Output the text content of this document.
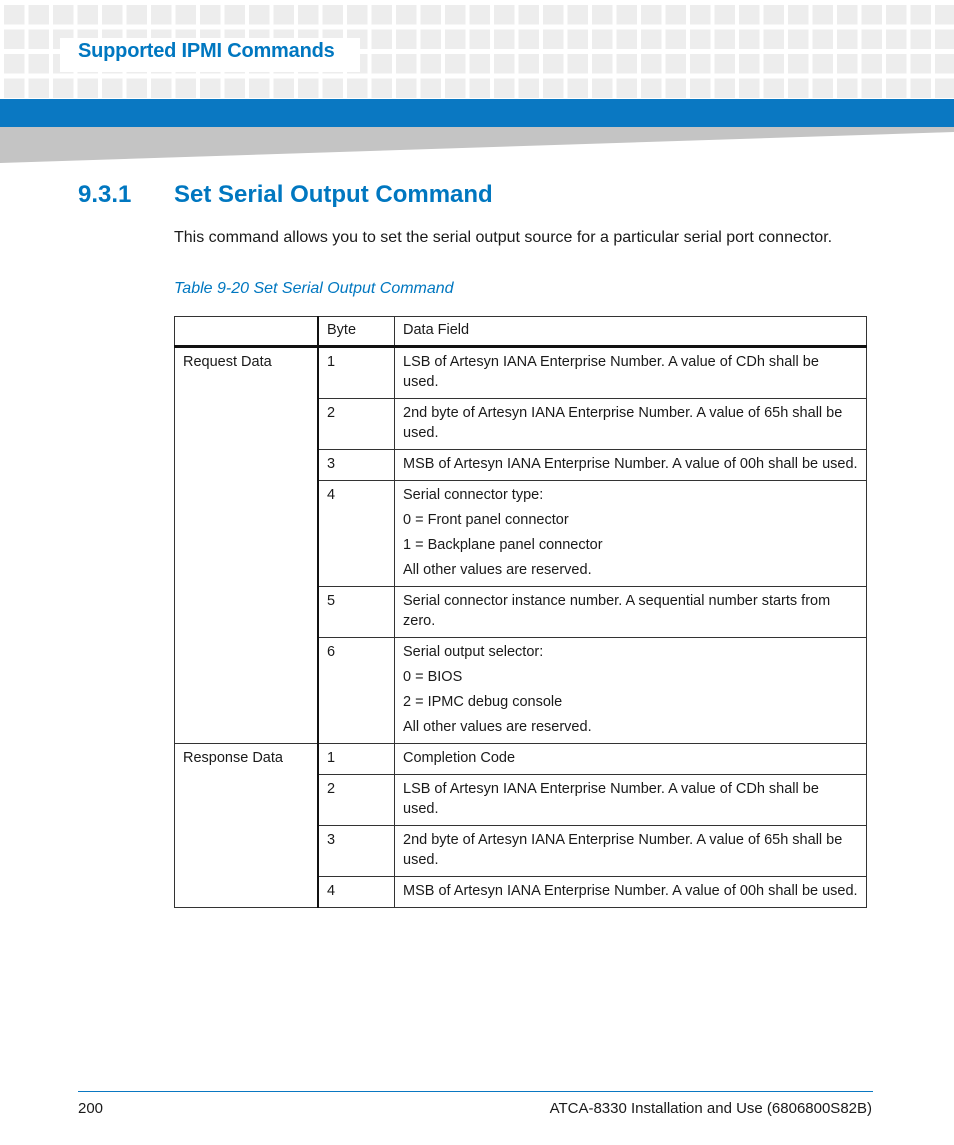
Supported IPMI Commands
9.3.1 Set Serial Output Command
This command allows you to set the serial output source for a particular serial port connector.
Table 9-20 Set Serial Output Command
	Byte	Data Field
Request Data	1	LSB of Artesyn IANA Enterprise Number. A value of CDh shall be used.

	2	2nd byte of Artesyn IANA Enterprise Number. A value of 65h shall be used.

	3	MSB of Artesyn IANA Enterprise Number. A value of 00h shall be used.

	4	Serial connector type:
0 = Front panel connector
1 = Backplane panel connector
All other values are reserved.

	5	Serial connector instance number. A sequential number starts from zero.

	6	Serial output selector:
0 = BIOS
2 = IPMC debug console
All other values are reserved.

Response Data	1	Completion Code

	2	LSB of Artesyn IANA Enterprise Number. A value of CDh shall be used.

	3	2nd byte of Artesyn IANA Enterprise Number. A value of 65h shall be used.

	4	MSB of Artesyn IANA Enterprise Number. A value of 00h shall be used.
200	ATCA-8330 Installation and Use (6806800S82B)
